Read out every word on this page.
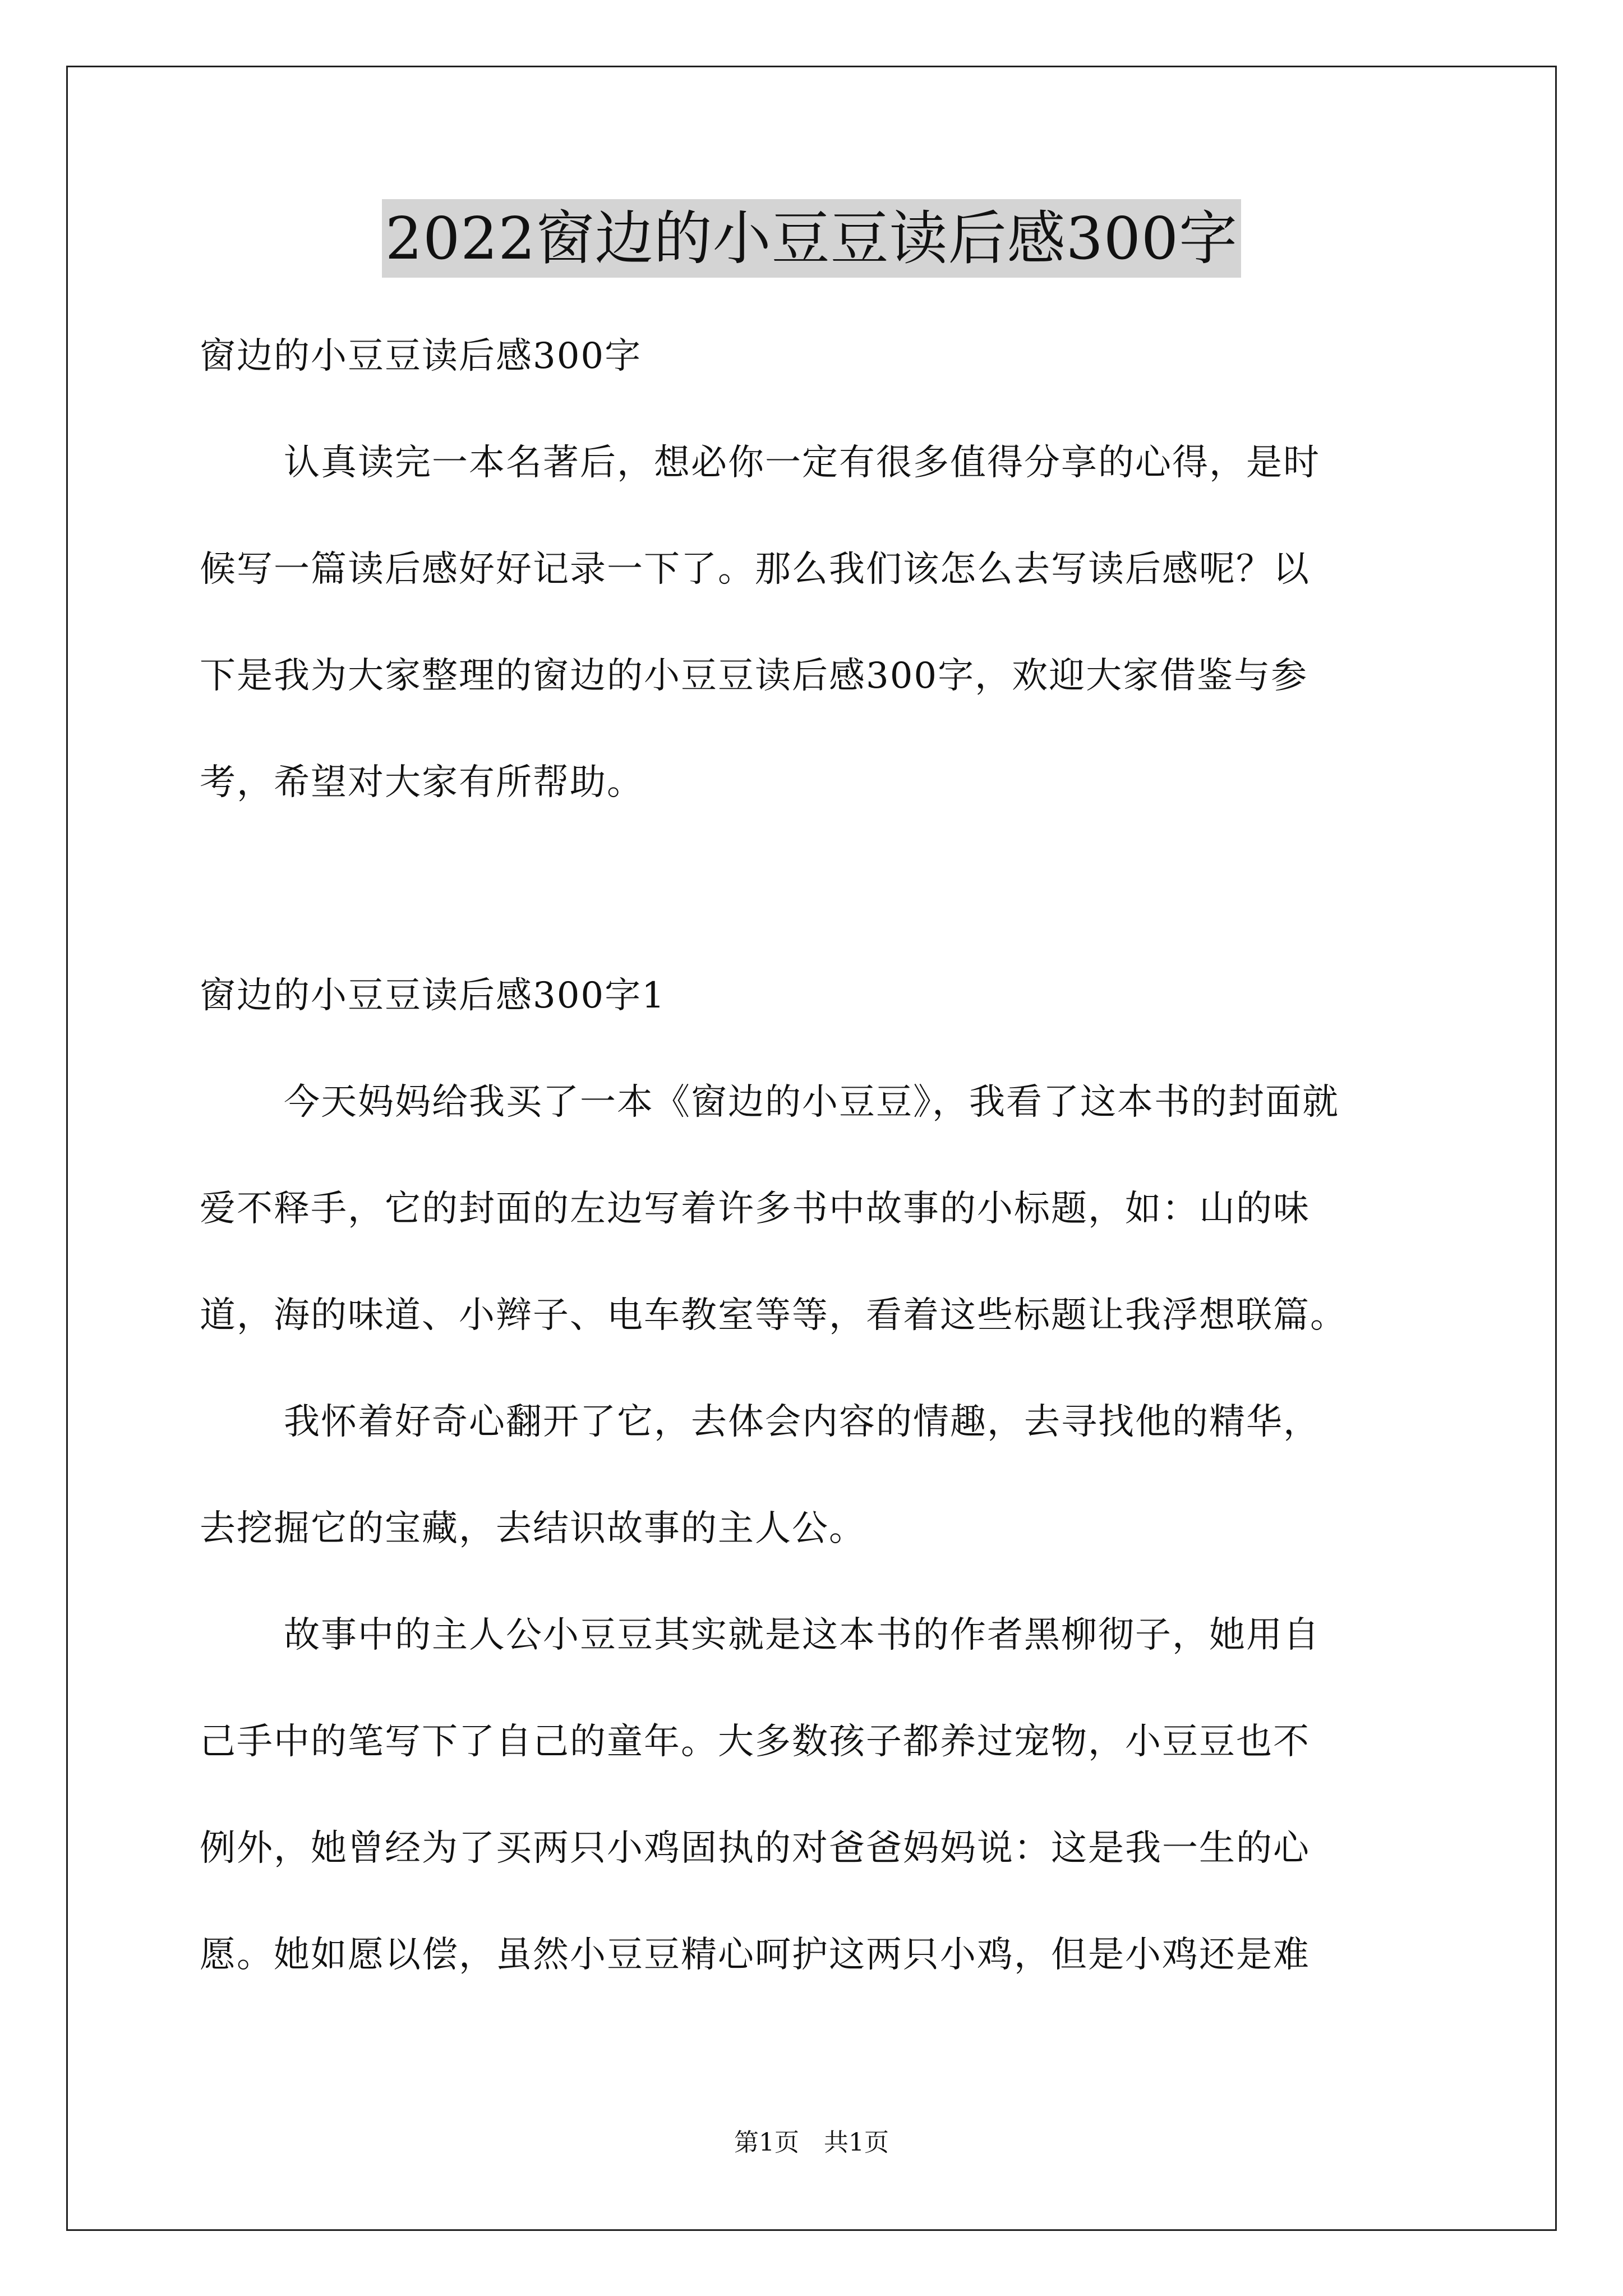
2022窗边的小豆豆读后感300字
窗边的小豆豆读后感300字
认真读完一本名著后，想必你一定有很多值得分享的心得，是时
候写一篇读后感好好记录一下了。那么我们该怎么去写读后感呢？以
下是我为大家整理的窗边的小豆豆读后感300字，欢迎大家借鉴与参
考，希望对大家有所帮助。
窗边的小豆豆读后感300字1
今天妈妈给我买了一本《窗边的小豆豆》，我看了这本书的封面就
爱不释手，它的封面的左边写着许多书中故事的小标题，如：山的味
道，海的味道、小辫子、电车教室等等，看着这些标题让我浮想联篇。
我怀着好奇心翻开了它，去体会内容的情趣，去寻找他的精华，
去挖掘它的宝藏，去结识故事的主人公。
故事中的主人公小豆豆其实就是这本书的作者黑柳彻子，她用自
己手中的笔写下了自己的童年。大多数孩子都养过宠物，小豆豆也不
例外，她曾经为了买两只小鸡固执的对爸爸妈妈说：这是我一生的心
愿。她如愿以偿，虽然小豆豆精心呵护这两只小鸡，但是小鸡还是难
第1页　共1页
